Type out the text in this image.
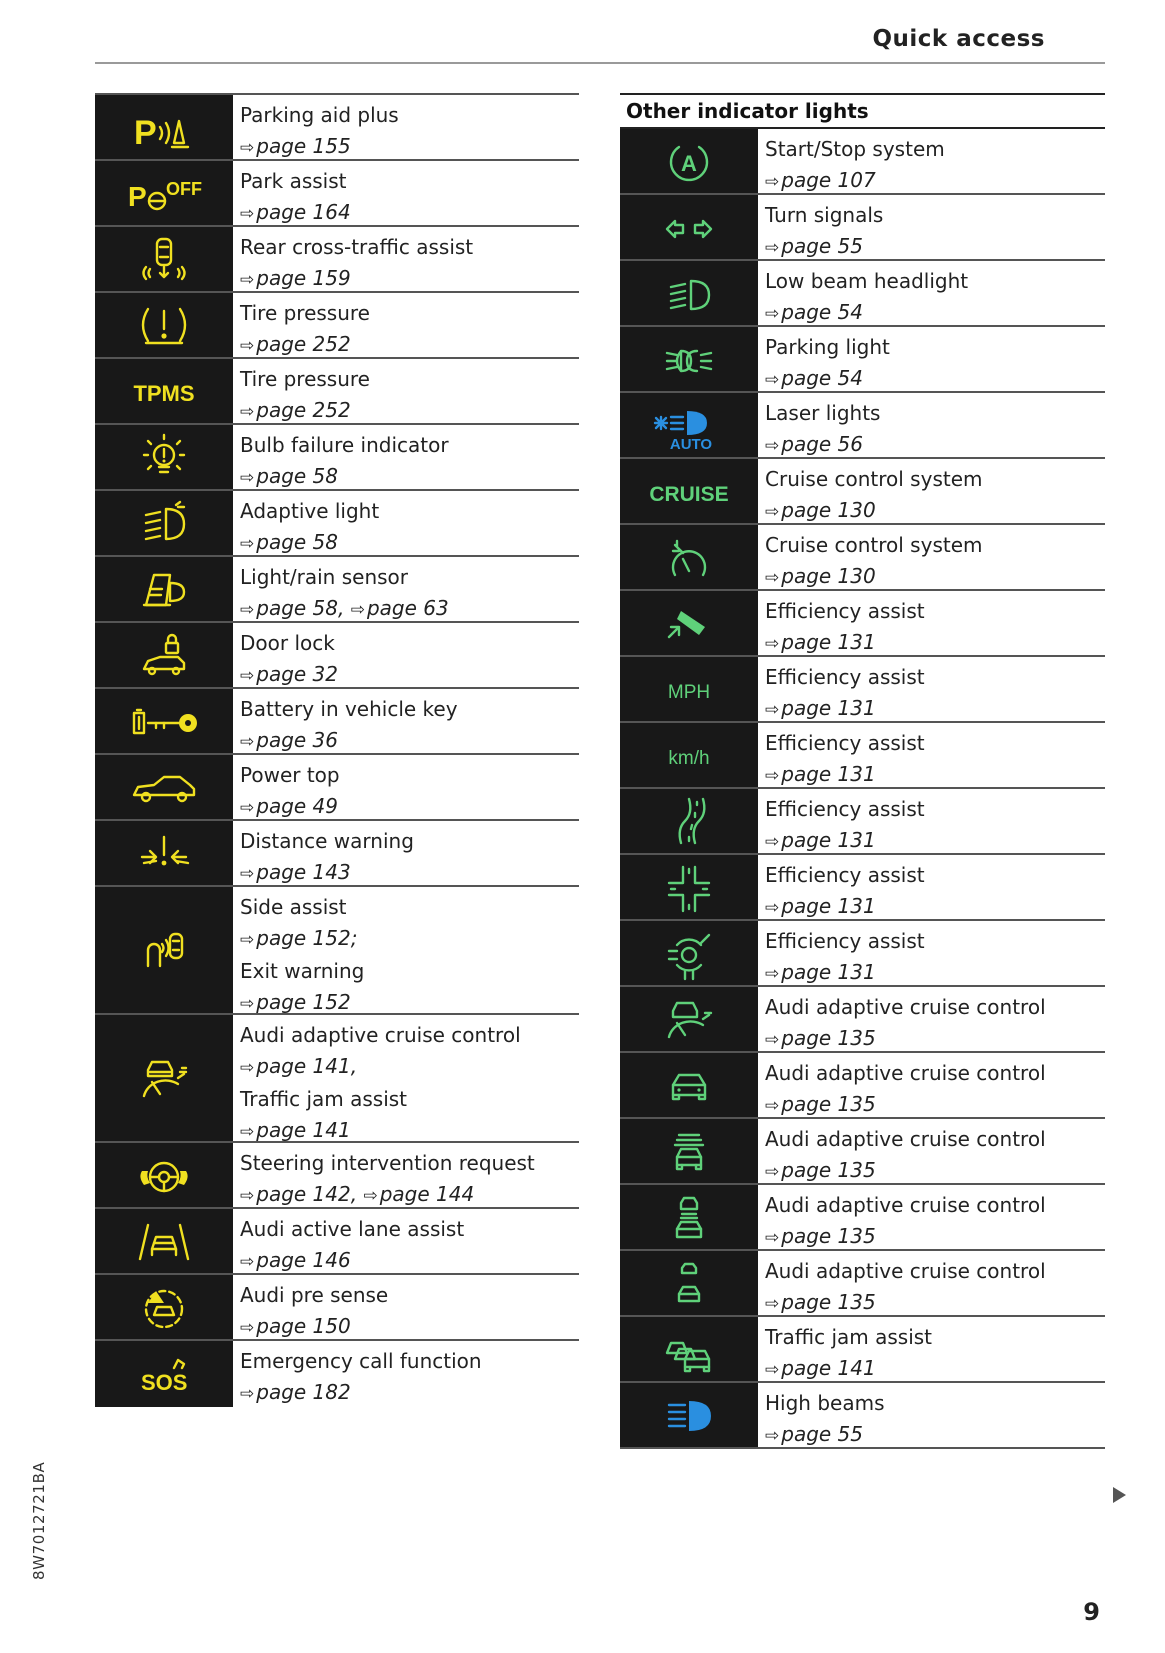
Quick access
8W7012721BA
9
P	Parking aid plus
⇨ page 155
P OFF Park assist
⇨ page 164
Rear cross-traffic assist
⇨ page 159
Tire pressure
⇨ page 252
TPMS
Tire pressure
⇨ page 252
Bulb failure indicator
⇨ page 58
Adaptive light
⇨ page 58
Light/rain sensor
⇨ page 58, ⇨ page 63
Door lock
⇨ page 32
Battery in vehicle key
⇨ page 36
Power top
⇨ page 49
Distance warning
⇨ page 143
Side assist
⇨ page 152;
Exit warning
⇨ page 152
Audi adaptive cruise control
⇨ page 141,
Traffic jam assist
⇨ page 141
Steering intervention request
⇨ page 142, ⇨ page 144
Audi active lane assist
⇨ page 146
Audi pre sense
⇨ page 150
SOS
Emergency call function
⇨ page 182
Other indicator lights
A
Start/Stop system
⇨ page 107
Turn signals
⇨ page 55
Low beam headlight
⇨ page 54
Parking light
⇨ page 54
AUTO
Laser lights
⇨ page 56
CRUISE
Cruise control system
⇨ page 130
Cruise control system
⇨ page 130
Efficiency assist
⇨ page 131
MPH
Efficiency assist
⇨ page 131
km/h
Efficiency assist
⇨ page 131
Efficiency assist
⇨ page 131
Efficiency assist
⇨ page 131
Efficiency assist
⇨ page 131
Audi adaptive cruise control
⇨ page 135
Audi adaptive cruise control
⇨ page 135
Audi adaptive cruise control
⇨ page 135
Audi adaptive cruise control
⇨ page 135
Audi adaptive cruise control
⇨ page 135
Traffic jam assist
⇨ page 141
High beams
⇨ page 55
